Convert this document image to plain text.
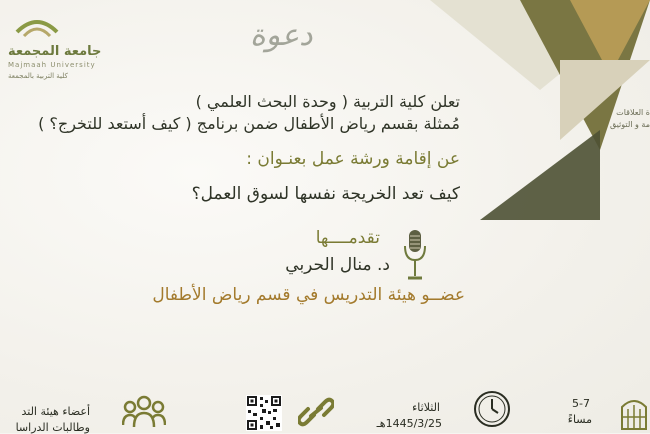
جامعة المجمعة
Majmaah University
كلية التربية بالمجمعة
ة العلاقات
مة و التوثيق
دعوة
تعلن كلية التربية ( وحدة البحث العلمي )
مُمثلة بقسم رياض الأطفال ضمن برنامج ( كيف أستعد للتخرج؟ )
عن إقامة ورشة عمل بعنـوان :
كيف تعد الخريجة نفسها لسوق العمل؟
تقدمــــها
د. منال الحربي
عضــو هيئة التدريس في قسم رياض الأطفال
أعضاء هيئة التد
وطالبات الدراسا
الثلاثاء
1445/3/25هـ
5-7
مساءً
